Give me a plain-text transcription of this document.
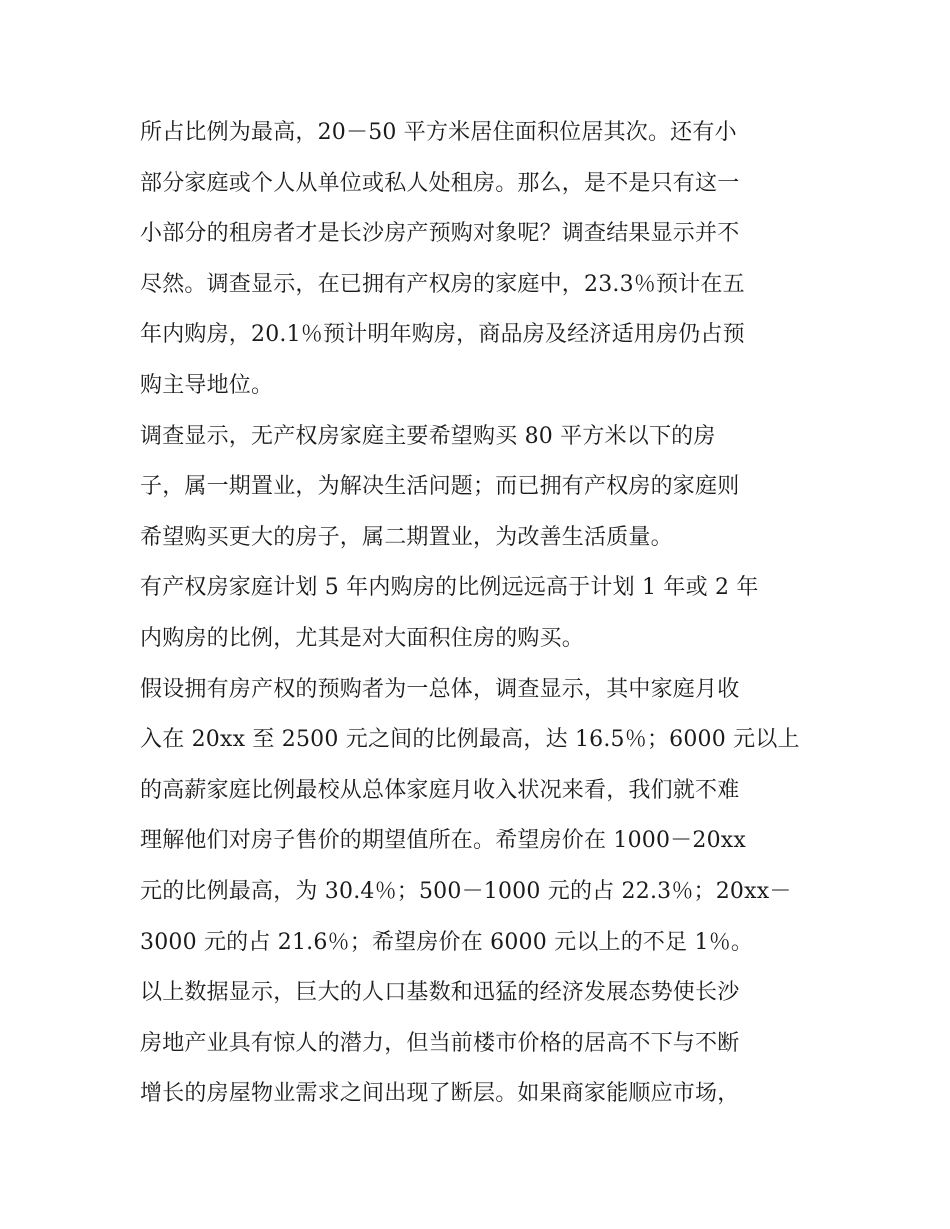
所占比例为最高，20－50 平方米居住面积位居其次。还有小
部分家庭或个人从单位或私人处租房。那么，是不是只有这一
小部分的租房者才是长沙房产预购对象呢？调查结果显示并不
尽然。调查显示，在已拥有产权房的家庭中，23.3％预计在五
年内购房，20.1％预计明年购房，商品房及经济适用房仍占预
购主导地位。
调查显示，无产权房家庭主要希望购买 80 平方米以下的房
子，属一期置业，为解决生活问题；而已拥有产权房的家庭则
希望购买更大的房子，属二期置业，为改善生活质量。
有产权房家庭计划 5 年内购房的比例远远高于计划 1 年或 2 年
内购房的比例，尤其是对大面积住房的购买。
假设拥有房产权的预购者为一总体，调查显示，其中家庭月收
入在 20xx 至 2500 元之间的比例最高，达 16.5％；6000 元以上
的高薪家庭比例最校从总体家庭月收入状况来看，我们就不难
理解他们对房子售价的期望值所在。希望房价在 1000－20xx
元的比例最高，为 30.4％；500－1000 元的占 22.3％；20xx－
3000 元的占 21.6％；希望房价在 6000 元以上的不足 1％。
以上数据显示，巨大的人口基数和迅猛的经济发展态势使长沙
房地产业具有惊人的潜力，但当前楼市价格的居高不下与不断
增长的房屋物业需求之间出现了断层。如果商家能顺应市场，
